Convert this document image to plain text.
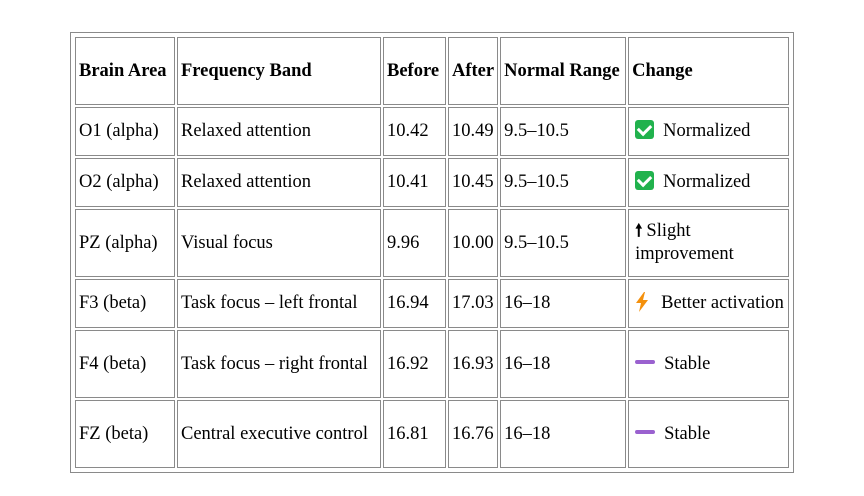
Brain Area	Frequency Band	Before	After	Normal Range	Change
O1 (alpha)	Relaxed attention	10.42	10.49	9.5–10.5	Normalized
O2 (alpha)	Relaxed attention	10.41	10.45	9.5–10.5	Normalized
PZ (alpha)	Visual focus	9.96	10.00	9.5–10.5	🠕 Slight improvement
F3 (beta)	Task focus – left frontal	16.94	17.03	16–18	Better activation
F4 (beta)	Task focus – right frontal	16.92	16.93	16–18	Stable
FZ (beta)	Central executive control	16.81	16.76	16–18	Stable
